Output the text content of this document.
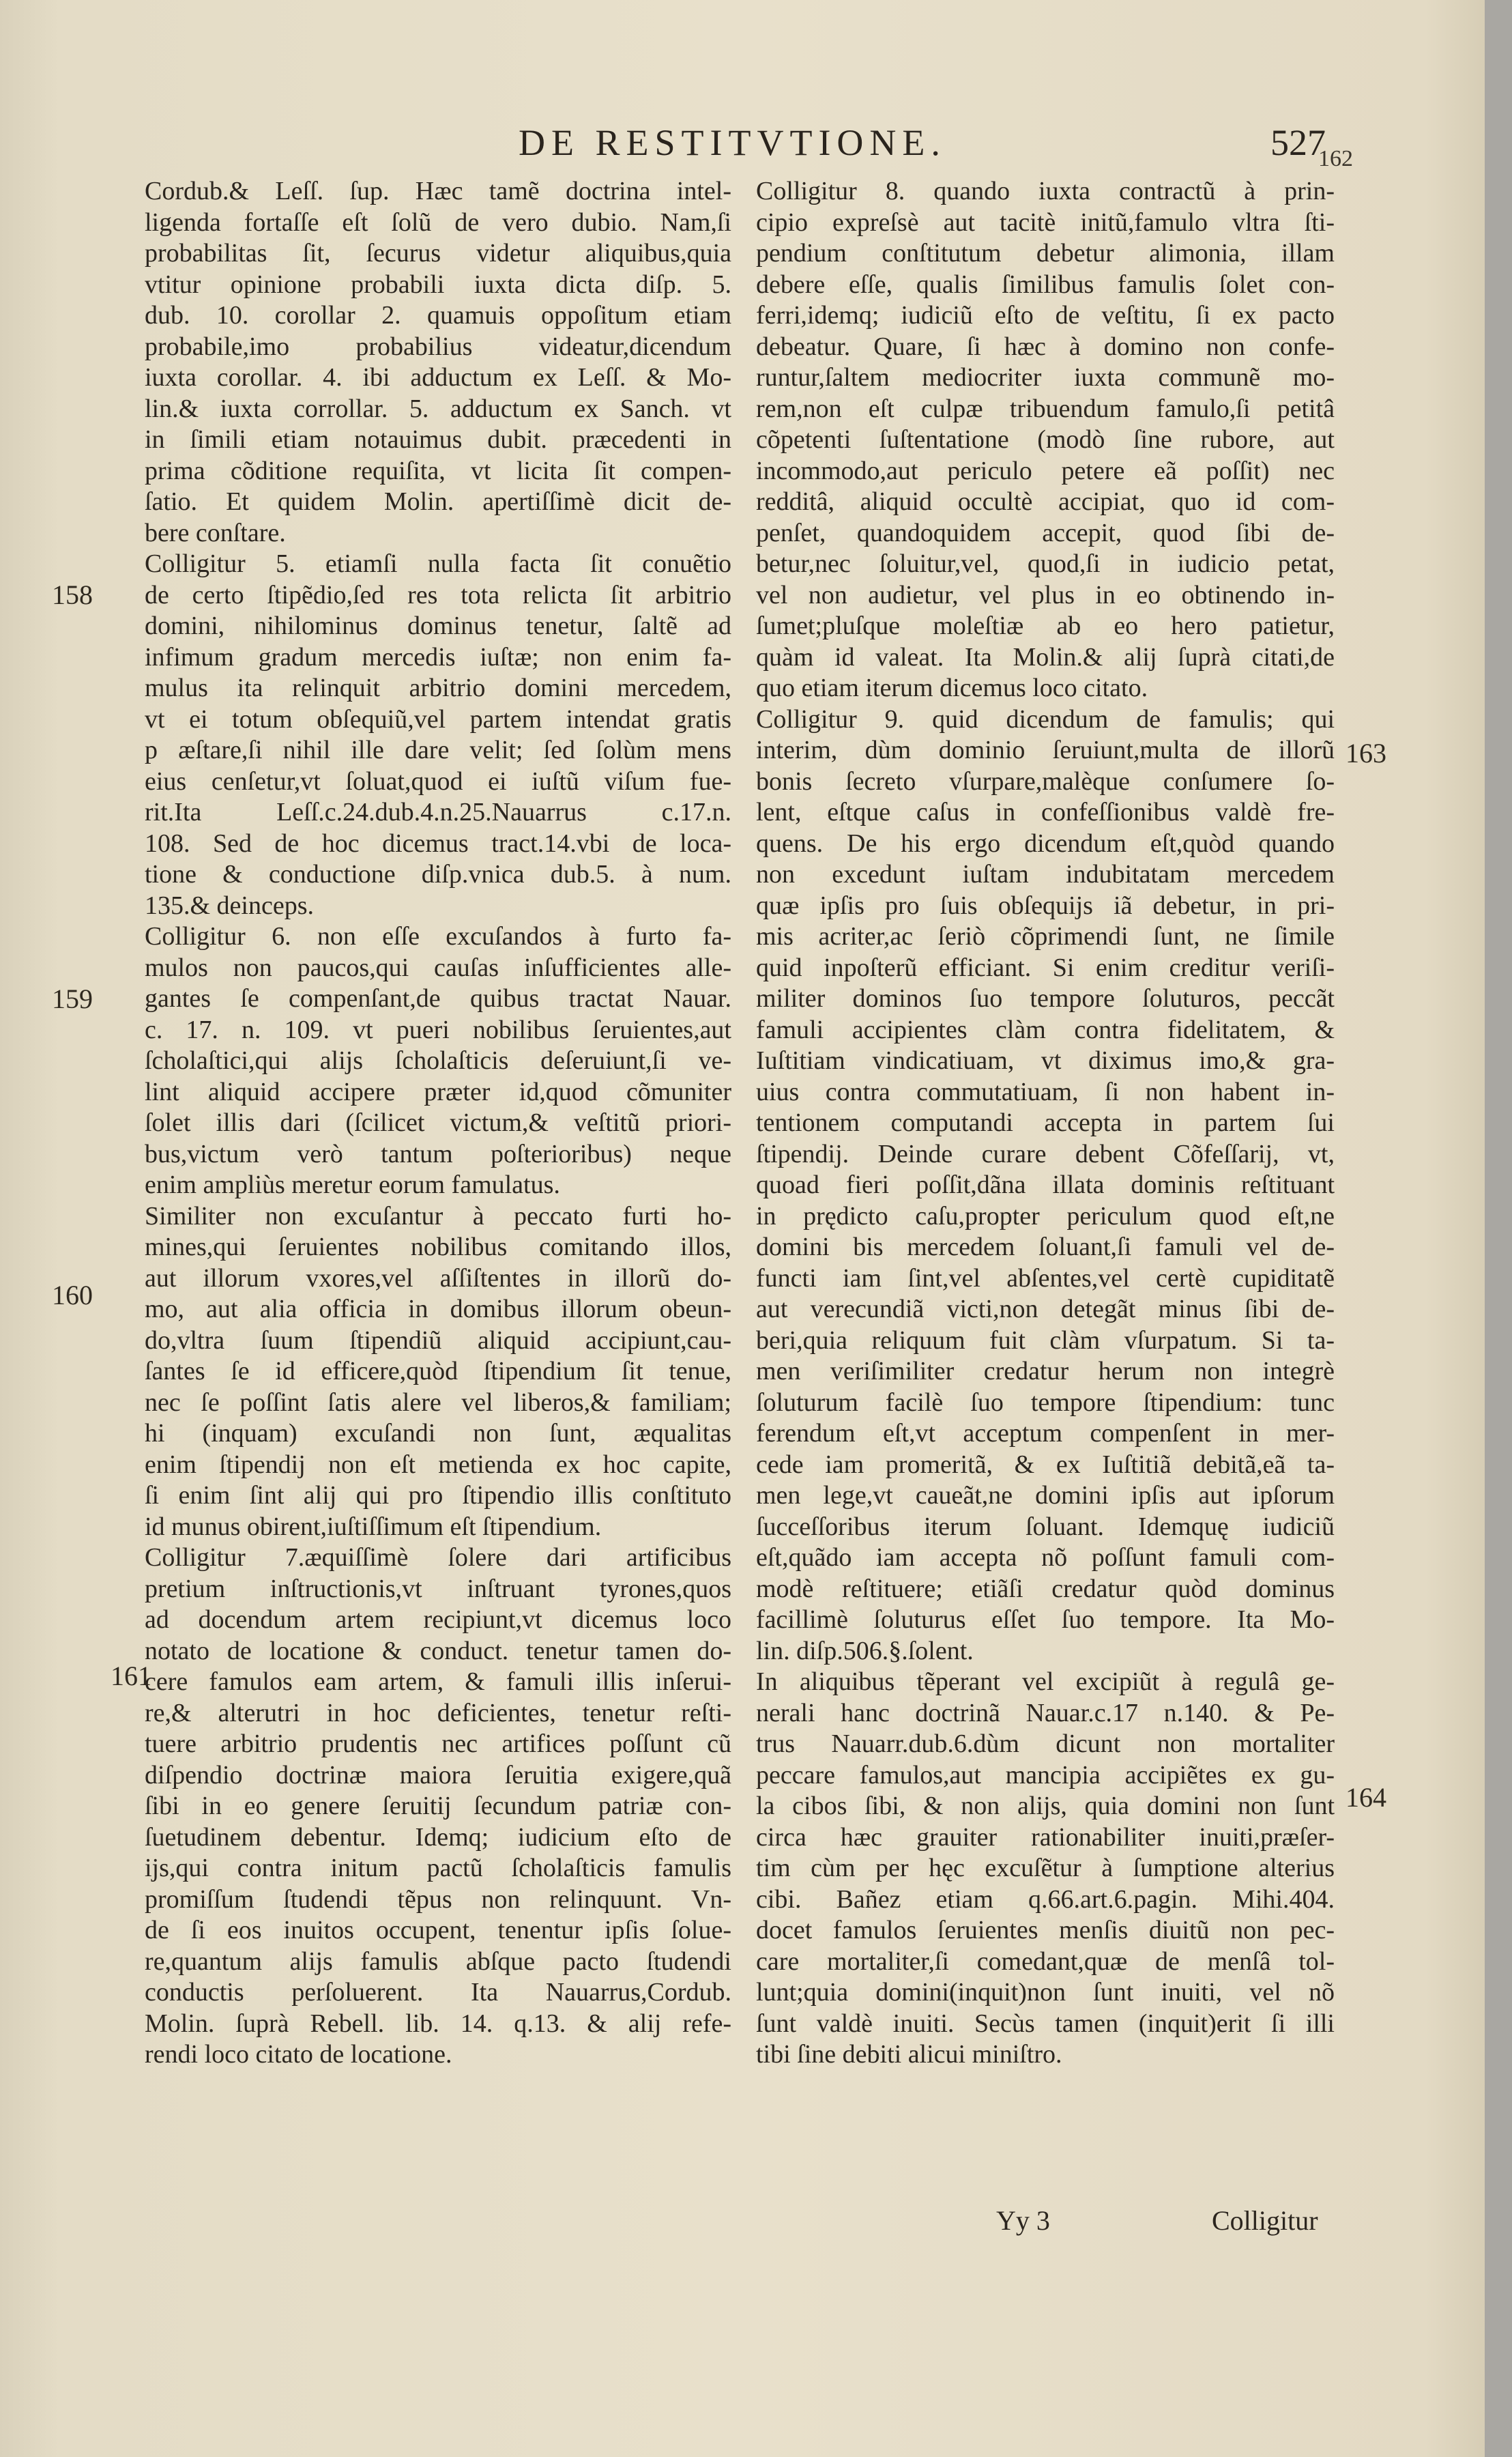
DE RESTITVTIONE.	527
162
Cordub.& Leſſ. ſup. Hæc tamẽ doctrina intel-
ligenda fortaſſe eſt ſolũ de vero dubio. Nam,ſi
probabilitas ſit, ſecurus videtur aliquibus,quia
vtitur opinione probabili iuxta dicta diſp. 5.
dub. 10. corollar 2. quamuis oppoſitum etiam
probabile,imo probabilius videatur,dicendum
iuxta corollar. 4. ibi adductum ex Leſſ. & Mo-
lin.& iuxta corrollar. 5. adductum ex Sanch. vt
in ſimili etiam notauimus dubit. præcedenti in
prima cõditione requiſita, vt licita ſit compen-
ſatio. Et quidem Molin. apertiſſimè dicit de-
bere conſtare.
Colligitur 5. etiamſi nulla facta ſit conuẽtio
de certo ſtipẽdio,ſed res tota relicta ſit arbitrio
domini, nihilominus dominus tenetur, ſaltẽ ad
infimum gradum mercedis iuſtæ; non enim fa-
mulus ita relinquit arbitrio domini mercedem,
vt ei totum obſequiũ,vel partem intendat gratis
p æſtare,ſi nihil ille dare velit; ſed ſolùm mens
eius cenſetur,vt ſoluat,quod ei iuſtũ viſum fue-
rit.Ita Leſſ.c.24.dub.4.n.25.Nauarrus c.17.n.
108. Sed de hoc dicemus tract.14.vbi de loca-
tione & conductione diſp.vnica dub.5. à num.
135.& deinceps.
Colligitur 6. non eſſe excuſandos à furto fa-
mulos non paucos,qui cauſas inſufficientes alle-
gantes ſe compenſant,de quibus tractat Nauar.
c. 17. n. 109. vt pueri nobilibus ſeruientes,aut
ſcholaſtici,qui alijs ſcholaſticis deſeruiunt,ſi ve-
lint aliquid accipere præter id,quod cõmuniter
ſolet illis dari (ſcilicet victum,& veſtitũ priori-
bus,victum verò tantum poſterioribus) neque
enim ampliùs meretur eorum famulatus.
Similiter non excuſantur à peccato furti ho-
mines,qui ſeruientes nobilibus comitando illos,
aut illorum vxores,vel aſſiſtentes in illorũ do-
mo, aut alia officia in domibus illorum obeun-
do,vltra ſuum ſtipendiũ aliquid accipiunt,cau-
ſantes ſe id efficere,quòd ſtipendium ſit tenue,
nec ſe poſſint ſatis alere vel liberos,& familiam;
hi (inquam) excuſandi non ſunt, æqualitas
enim ſtipendij non eſt metienda ex hoc capite,
ſi enim ſint alij qui pro ſtipendio illis conſtituto
id munus obirent,iuſtiſſimum eſt ſtipendium.
Colligitur 7.æquiſſimè ſolere dari artificibus
pretium inſtructionis,vt inſtruant tyrones,quos
ad docendum artem recipiunt,vt dicemus loco
notato de locatione & conduct. tenetur tamen do-
cere famulos eam artem, & famuli illis inſerui-
re,& alterutri in hoc deficientes, tenetur reſti-
tuere arbitrio prudentis nec artifices poſſunt cũ
diſpendio doctrinæ maiora ſeruitia exigere,quã
ſibi in eo genere ſeruitij ſecundum patriæ con-
ſuetudinem debentur. Idemq; iudicium eſto de
ijs,qui contra initum pactũ ſcholaſticis famulis
promiſſum ſtudendi tẽpus non relinquunt. Vn-
de ſi eos inuitos occupent, tenentur ipſis ſolue-
re,quantum alijs famulis abſque pacto ſtudendi
conductis perſoluerent. Ita Nauarrus,Cordub.
Molin. ſuprà Rebell. lib. 14. q.13. & alij refe-
rendi loco citato de locatione.
Colligitur 8. quando iuxta contractũ à prin-
cipio expreſsè aut tacitè initũ,famulo vltra ſti-
pendium conſtitutum debetur alimonia, illam
debere eſſe, qualis ſimilibus famulis ſolet con-
ferri,idemq; iudiciũ eſto de veſtitu, ſi ex pacto
debeatur. Quare, ſi hæc à domino non confe-
runtur,ſaltem mediocriter iuxta communẽ mo-
rem,non eſt culpæ tribuendum famulo,ſi petitâ
cõpetenti ſuſtentatione (modò ſine rubore, aut
incommodo,aut periculo petere eã poſſit) nec
redditâ, aliquid occultè accipiat, quo id com-
penſet, quandoquidem accepit, quod ſibi de-
betur,nec ſoluitur,vel, quod,ſi in iudicio petat,
vel non audietur, vel plus in eo obtinendo in-
ſumet;pluſque moleſtiæ ab eo hero patietur,
quàm id valeat. Ita Molin.& alij ſuprà citati,de
quo etiam iterum dicemus loco citato.
Colligitur 9. quid dicendum de famulis; qui
interim, dùm dominio ſeruiunt,multa de illorũ
bonis ſecreto vſurpare,malèque conſumere ſo-
lent, eſtque caſus in confeſſionibus valdè fre-
quens. De his ergo dicendum eſt,quòd quando
non excedunt iuſtam indubitatam mercedem
quæ ipſis pro ſuis obſequijs iã debetur, in pri-
mis acriter,ac ſeriò cõprimendi ſunt, ne ſimile
quid inpoſterũ efficiant. Si enim creditur veriſi-
militer dominos ſuo tempore ſoluturos, peccãt
famuli accipientes clàm contra fidelitatem, &
Iuſtitiam vindicatiuam, vt diximus imo,& gra-
uius contra commutatiuam, ſi non habent in-
tentionem computandi accepta in partem ſui
ſtipendij. Deinde curare debent Cõfeſſarij, vt,
quoad fieri poſſit,dãna illata dominis reſtituant
in prędicto caſu,propter periculum quod eſt,ne
domini bis mercedem ſoluant,ſi famuli vel de-
functi iam ſint,vel abſentes,vel certè cupiditatẽ
aut verecundiã victi,non detegãt minus ſibi de-
beri,quia reliquum fuit clàm vſurpatum. Si ta-
men veriſimiliter credatur herum non integrè
ſoluturum facilè ſuo tempore ſtipendium: tunc
ferendum eſt,vt acceptum compenſent in mer-
cede iam promeritã, & ex Iuſtitiã debitã,eã ta-
men lege,vt caueãt,ne domini ipſis aut ipſorum
ſucceſſoribus iterum ſoluant. Idemquę iudiciũ
eſt,quãdo iam accepta nõ poſſunt famuli com-
modè reſtituere; etiãſi credatur quòd dominus
facillimè ſoluturus eſſet ſuo tempore. Ita Mo-
lin. diſp.506.§.ſolent.
In aliquibus tẽperant vel excipiũt à regulâ ge-
nerali hanc doctrinã Nauar.c.17 n.140. & Pe-
trus Nauarr.dub.6.dùm dicunt non mortaliter
peccare famulos,aut mancipia accipiẽtes ex gu-
la cibos ſibi, & non alijs, quia domini non ſunt
circa hæc grauiter rationabiliter inuiti,præſer-
tim cùm per hęc excuſẽtur à ſumptione alterius
cibi. Bañez etiam q.66.art.6.pagin. Mihi.404.
docet famulos ſeruientes menſis diuitũ non pec-
care mortaliter,ſi comedant,quæ de menſâ tol-
lunt;quia domini(inquit)non ſunt inuiti, vel nõ
ſunt valdè inuiti. Secùs tamen (inquit)erit ſi illi
tibi ſine debiti alicui miniſtro.
158
159
160
161
163
164
Yy 3	Colligitur
